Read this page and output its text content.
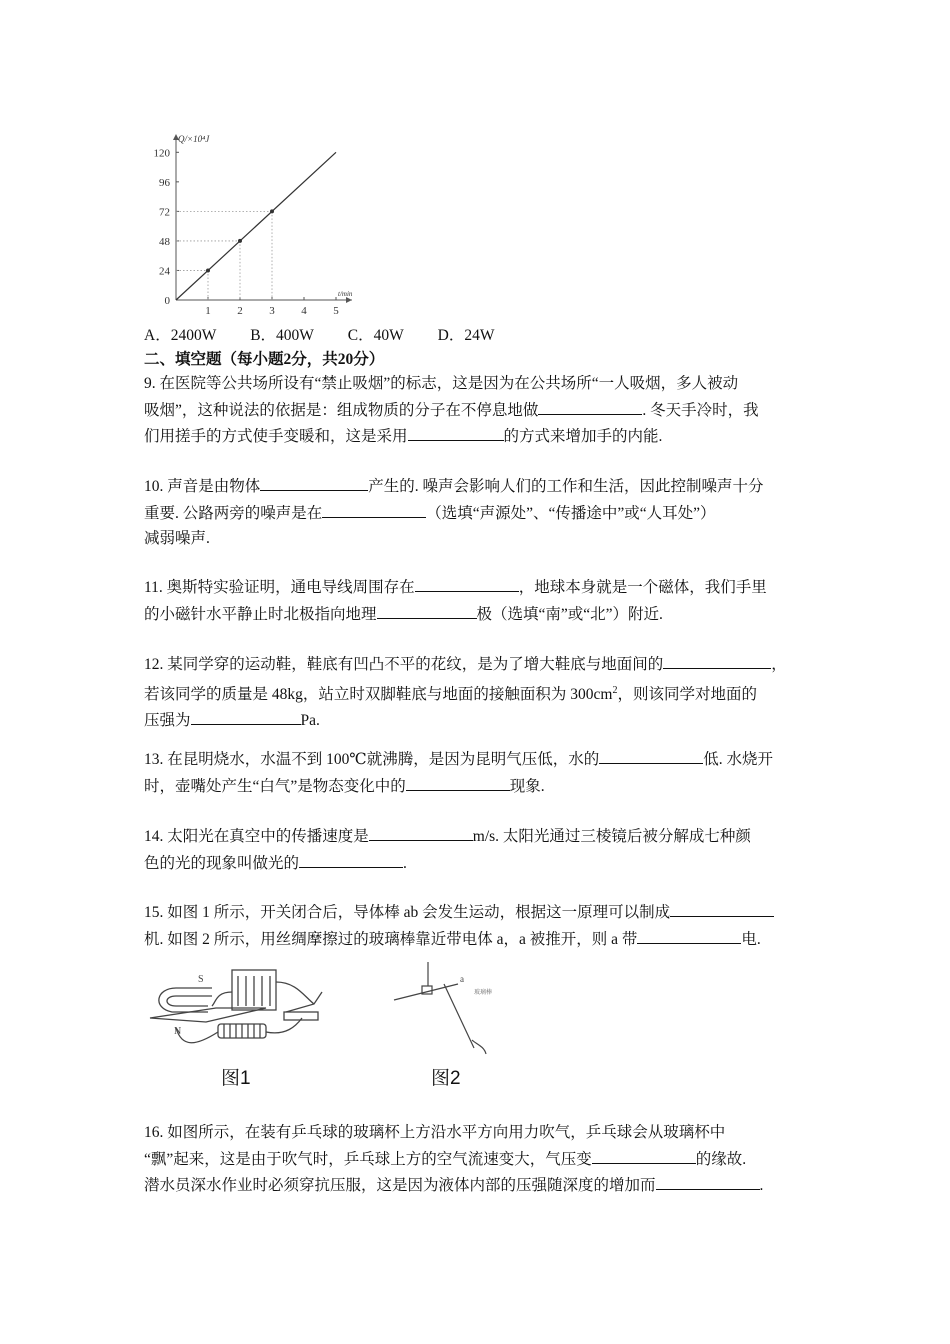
Q/×10⁴J
t/min
0
24
48
72
96
120
1 2 3 4 5
A．2400W B．400W C．40W D．24W
二、填空题（每小题2分，共20分）

9. 在医院等公共场所设有“禁止吸烟”的标志，这是因为在公共场所“一人吸烟，多人被动

吸烟”，这种说法的依据是：组成物质的分子在不停息地做	. 冬天手冷时，我

们用搓手的方式使手变暖和，这是采用	的方式来增加手的内能.

10. 声音是由物体	产生的. 噪声会影响人们的工作和生活，因此控制噪声十分

重要. 公路两旁的噪声是在	（选填“声源处”、“传播途中”或“人耳处”）

减弱噪声.

11. 奥斯特实验证明，通电导线周围存在	，地球本身就是一个磁体，我们手里

的小磁针水平静止时北极指向地理	极（选填“南”或“北”）附近.

12. 某同学穿的运动鞋，鞋底有凹凸不平的花纹，是为了增大鞋底与地面间的	，

若该同学的质量是 48kg，站立时双脚鞋底与地面的接触面积为 $300cm^2$，则该同学对地面的

压强为	Pa.

13. 在昆明烧水，水温不到 100℃就沸腾，是因为昆明气压低，水的	低. 水烧开

时，壶嘴处产生“白气”是物态变化中的	现象.

14. 太阳光在真空中的传播速度是	m/s. 太阳光通过三棱镜后被分解成七种颜

色的光的现象叫做光的	.

15. 如图 1 所示，开关闭合后，导体棒 ab 会发生运动，根据这一原理可以制成

机. 如图 2 所示，用丝绸摩擦过的玻璃棒靠近带电体 a，a 被推开，则 a 带	电.

S
N
图1
a
玻璃棒
图2

16. 如图所示，在装有乒乓球的玻璃杯上方沿水平方向用力吹气，乒乓球会从玻璃杯中

“飘”起来，这是由于吹气时，乒乓球上方的空气流速变大，气压变	的缘故.

潜水员深水作业时必须穿抗压服，这是因为液体内部的压强随深度的增加而	.
